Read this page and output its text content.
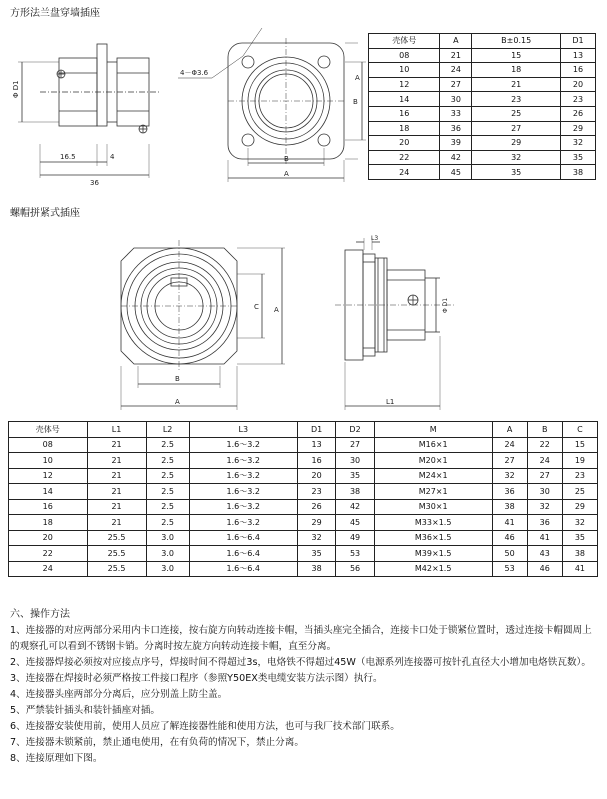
方形法兰盘穿墙插座
螺帽拼紧式插座
Φ D1
16.5	4
36
4－Φ3.6
B
A
B
A
壳体号	A	B±0.15	D1
08	21	15	13
10	24	18	16
12	27	21	20
14	30	23	23
16	33	25	26
18	36	27	29
20	39	29	32
22	42	32	35
24	45	35	38
B
A
C A
L3
L1
Φ D1
壳体号	L1	L2	L3	D1	D2	M	A	B	C
08	21	2.5	1.6～3.2	13	27	M16×1	24	22	15
10	21	2.5	1.6～3.2	16	30	M20×1	27	24	19
12	21	2.5	1.6～3.2	20	35	M24×1	32	27	23
14	21	2.5	1.6～3.2	23	38	M27×1	36	30	25
16	21	2.5	1.6～3.2	26	42	M30×1	38	32	29
18	21	2.5	1.6～3.2	29	45	M33×1.5	41	36	32
20	25.5	3.0	1.6～6.4	32	49	M36×1.5	46	41	35
22	25.5	3.0	1.6～6.4	35	53	M39×1.5	50	43	38
24	25.5	3.0	1.6～6.4	38	56	M42×1.5	53	46	41
六、操作方法

1、连接器的对应两部分采用内卡口连接，按右旋方向转动连接卡帽，当插头座完全插合，连接卡口处于锁紧位置时，透过连接卡帽圆周上的观察孔可以看到不锈钢卡销。分离时按左旋方向转动连接卡帽，直至分离。

2、连接器焊接必须按对应接点序号，焊接时间不得超过3s，电烙铁不得超过45W（电源系列连接器可按针孔直径大小增加电烙铁瓦数）。

3、连接器在焊接时必须严格按工件接口程序（参照Y50EX类电缆安装方法示图）执行。

4、连接器头座两部分分离后，应分别盖上防尘盖。

5、严禁装针插头和装针插座对插。

6、连接器安装使用前，使用人员应了解连接器性能和使用方法，也可与我厂技术部门联系。

7、连接器未锁紧前，禁止通电使用，在有负荷的情况下，禁止分离。

8、连接原理如下图。
